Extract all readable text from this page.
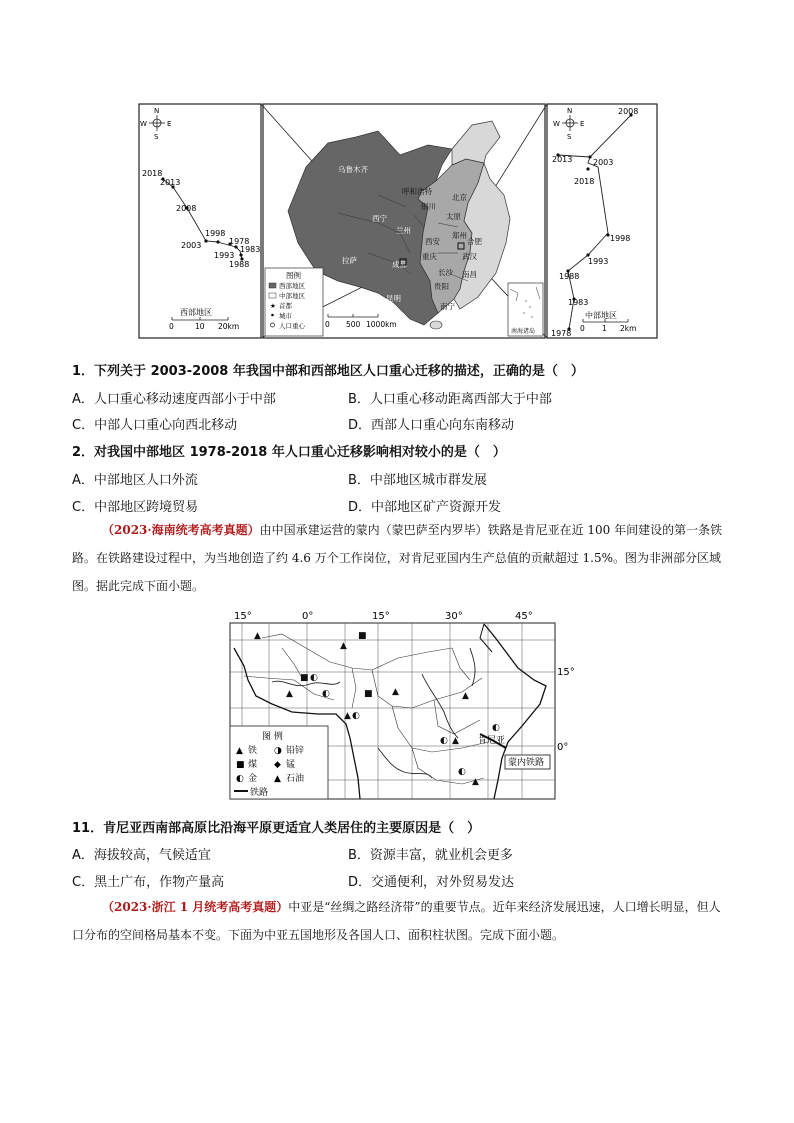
N
S
W	E
2018
2013
2008
1998
1978
1983
2003
1993
1988
西部地区
0	10 20km
乌鲁木齐
呼和浩特
北京
银川
太原
西宁
兰州
郑州
合肥
西安
成都
重庆	武汉
长沙 南昌
拉萨
贵阳
昆明
南宁
图例
西部地区
中部地区
★ 首都
城市
人口重心	0 500 1000km
南海诸岛
N
S
W	E
2008
2013	2003
2018
1998
1993
1988
1983
1978
中部地区
0 1 2km
1．下列关于 2003-2008 年我国中部和西部地区人口重心迁移的描述，正确的是（　）
A．人口重心移动速度西部小于中部	B．人口重心移动距离西部大于中部
C．中部人口重心向西北移动	D．西部人口重心向东南移动
2．对我国中部地区 1978-2018 年人口重心迁移影响相对较小的是（　）
A．中部地区人口外流	B．中部地区城市群发展
C．中部地区跨境贸易	D．中部地区矿产资源开发
（2023·海南统考高考真题）由中国承建运营的蒙内（蒙巴萨至内罗毕）铁路是肯尼亚在近 100 年间建设的第一条铁路。在铁路建设过程中，为当地创造了约 4.6 万个工作岗位，对肯尼亚国内生产总值的贡献超过 1.5%。图为非洲部分区域图。据此完成下面小题。
15°	0°	15°	30°	45°
15°
0°
▲
■ ◐
▲ ◐
■
▲
■ ▲
◐ ▲
▲
◐
◐
▲
▲	◐
肯尼亚
蒙内铁路
图 例
▲ 铁 ◑ 铅锌
■ 煤 ◆ 锰
◐ 金 ▲ 石油
铁路
11．肯尼亚西南部高原比沿海平原更适宜人类居住的主要原因是（　）
A．海拔较高，气候适宜	B．资源丰富，就业机会更多
C．黑土广布，作物产量高	D．交通便利，对外贸易发达
（2023·浙江 1 月统考高考真题）中亚是“丝绸之路经济带”的重要节点。近年来经济发展迅速，人口增长明显，但人口分布的空间格局基本不变。下面为中亚五国地形及各国人口、面积柱状图。完成下面小题。
